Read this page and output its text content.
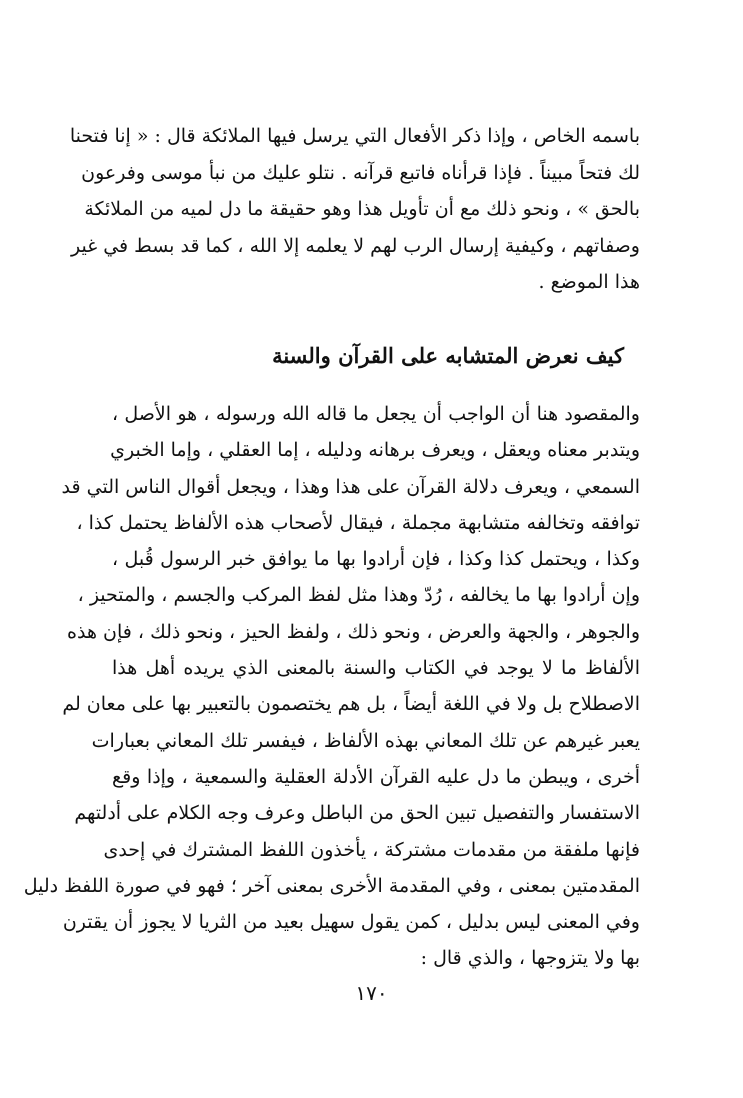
باسمه الخاص ، وإذا ذكر الأفعال التي يرسل فيها الملائكة قال : « إنا فتحنا
لك فتحاً مبيناً . فإذا قرأناه فاتبع قرآنه . نتلو عليك من نبأ موسى وفرعون
بالحق » ، ونحو ذلك مع أن تأويل هذا وهو حقيقة ما دل لميه من الملائكة
وصفاتهم ، وكيفية إرسال الرب لهم لا يعلمه إلا الله ، كما قد بسط في غير
هذا الموضع .
كيف نعرض المتشابه على القرآن والسنة
والمقصود هنا أن الواجب أن يجعل ما قاله الله ورسوله ، هو الأصل ،
ويتدبر معناه ويعقل ، ويعرف برهانه ودليله ، إما العقلي ، وإما الخبري
السمعي ، ويعرف دلالة القرآن على هذا وهذا ، ويجعل أقوال الناس التي قد
توافقه وتخالفه متشابهة مجملة ، فيقال لأصحاب هذه الألفاظ يحتمل كذا ،
وكذا ، ويحتمل كذا وكذا ، فإن أرادوا بها ما يوافق خبر الرسول قُبل ،
وإن أرادوا بها ما يخالفه ، رُدّ وهذا مثل لفظ المركب والجسم ، والمتحيز ،
والجوهر ، والجهة والعرض ، ونحو ذلك ، ولفظ الحيز ، ونحو ذلك ، فإن هذه
الألفاظ ما لا يوجد في الكتاب والسنة بالمعنى الذي يريده أهل هذا
الاصطلاح بل ولا في اللغة أيضاً ، بل هم يختصمون بالتعبير بها على معان لم
يعبر غيرهم عن تلك المعاني بهذه الألفاظ ، فيفسر تلك المعاني بعبارات
أخرى ، ويبطن ما دل عليه القرآن الأدلة العقلية والسمعية ، وإذا وقع
الاستفسار والتفصيل تبين الحق من الباطل وعرف وجه الكلام على أدلتهم
فإنها ملفقة من مقدمات مشتركة ، يأخذون اللفظ المشترك في إحدى
المقدمتين بمعنى ، وفي المقدمة الأخرى بمعنى آخر ؛ فهو في صورة اللفظ دليل
وفي المعنى ليس بدليل ، كمن يقول سهيل بعيد من الثريا لا يجوز أن يقترن
بها ولا يتزوجها ، والذي قال :
١٧٠
